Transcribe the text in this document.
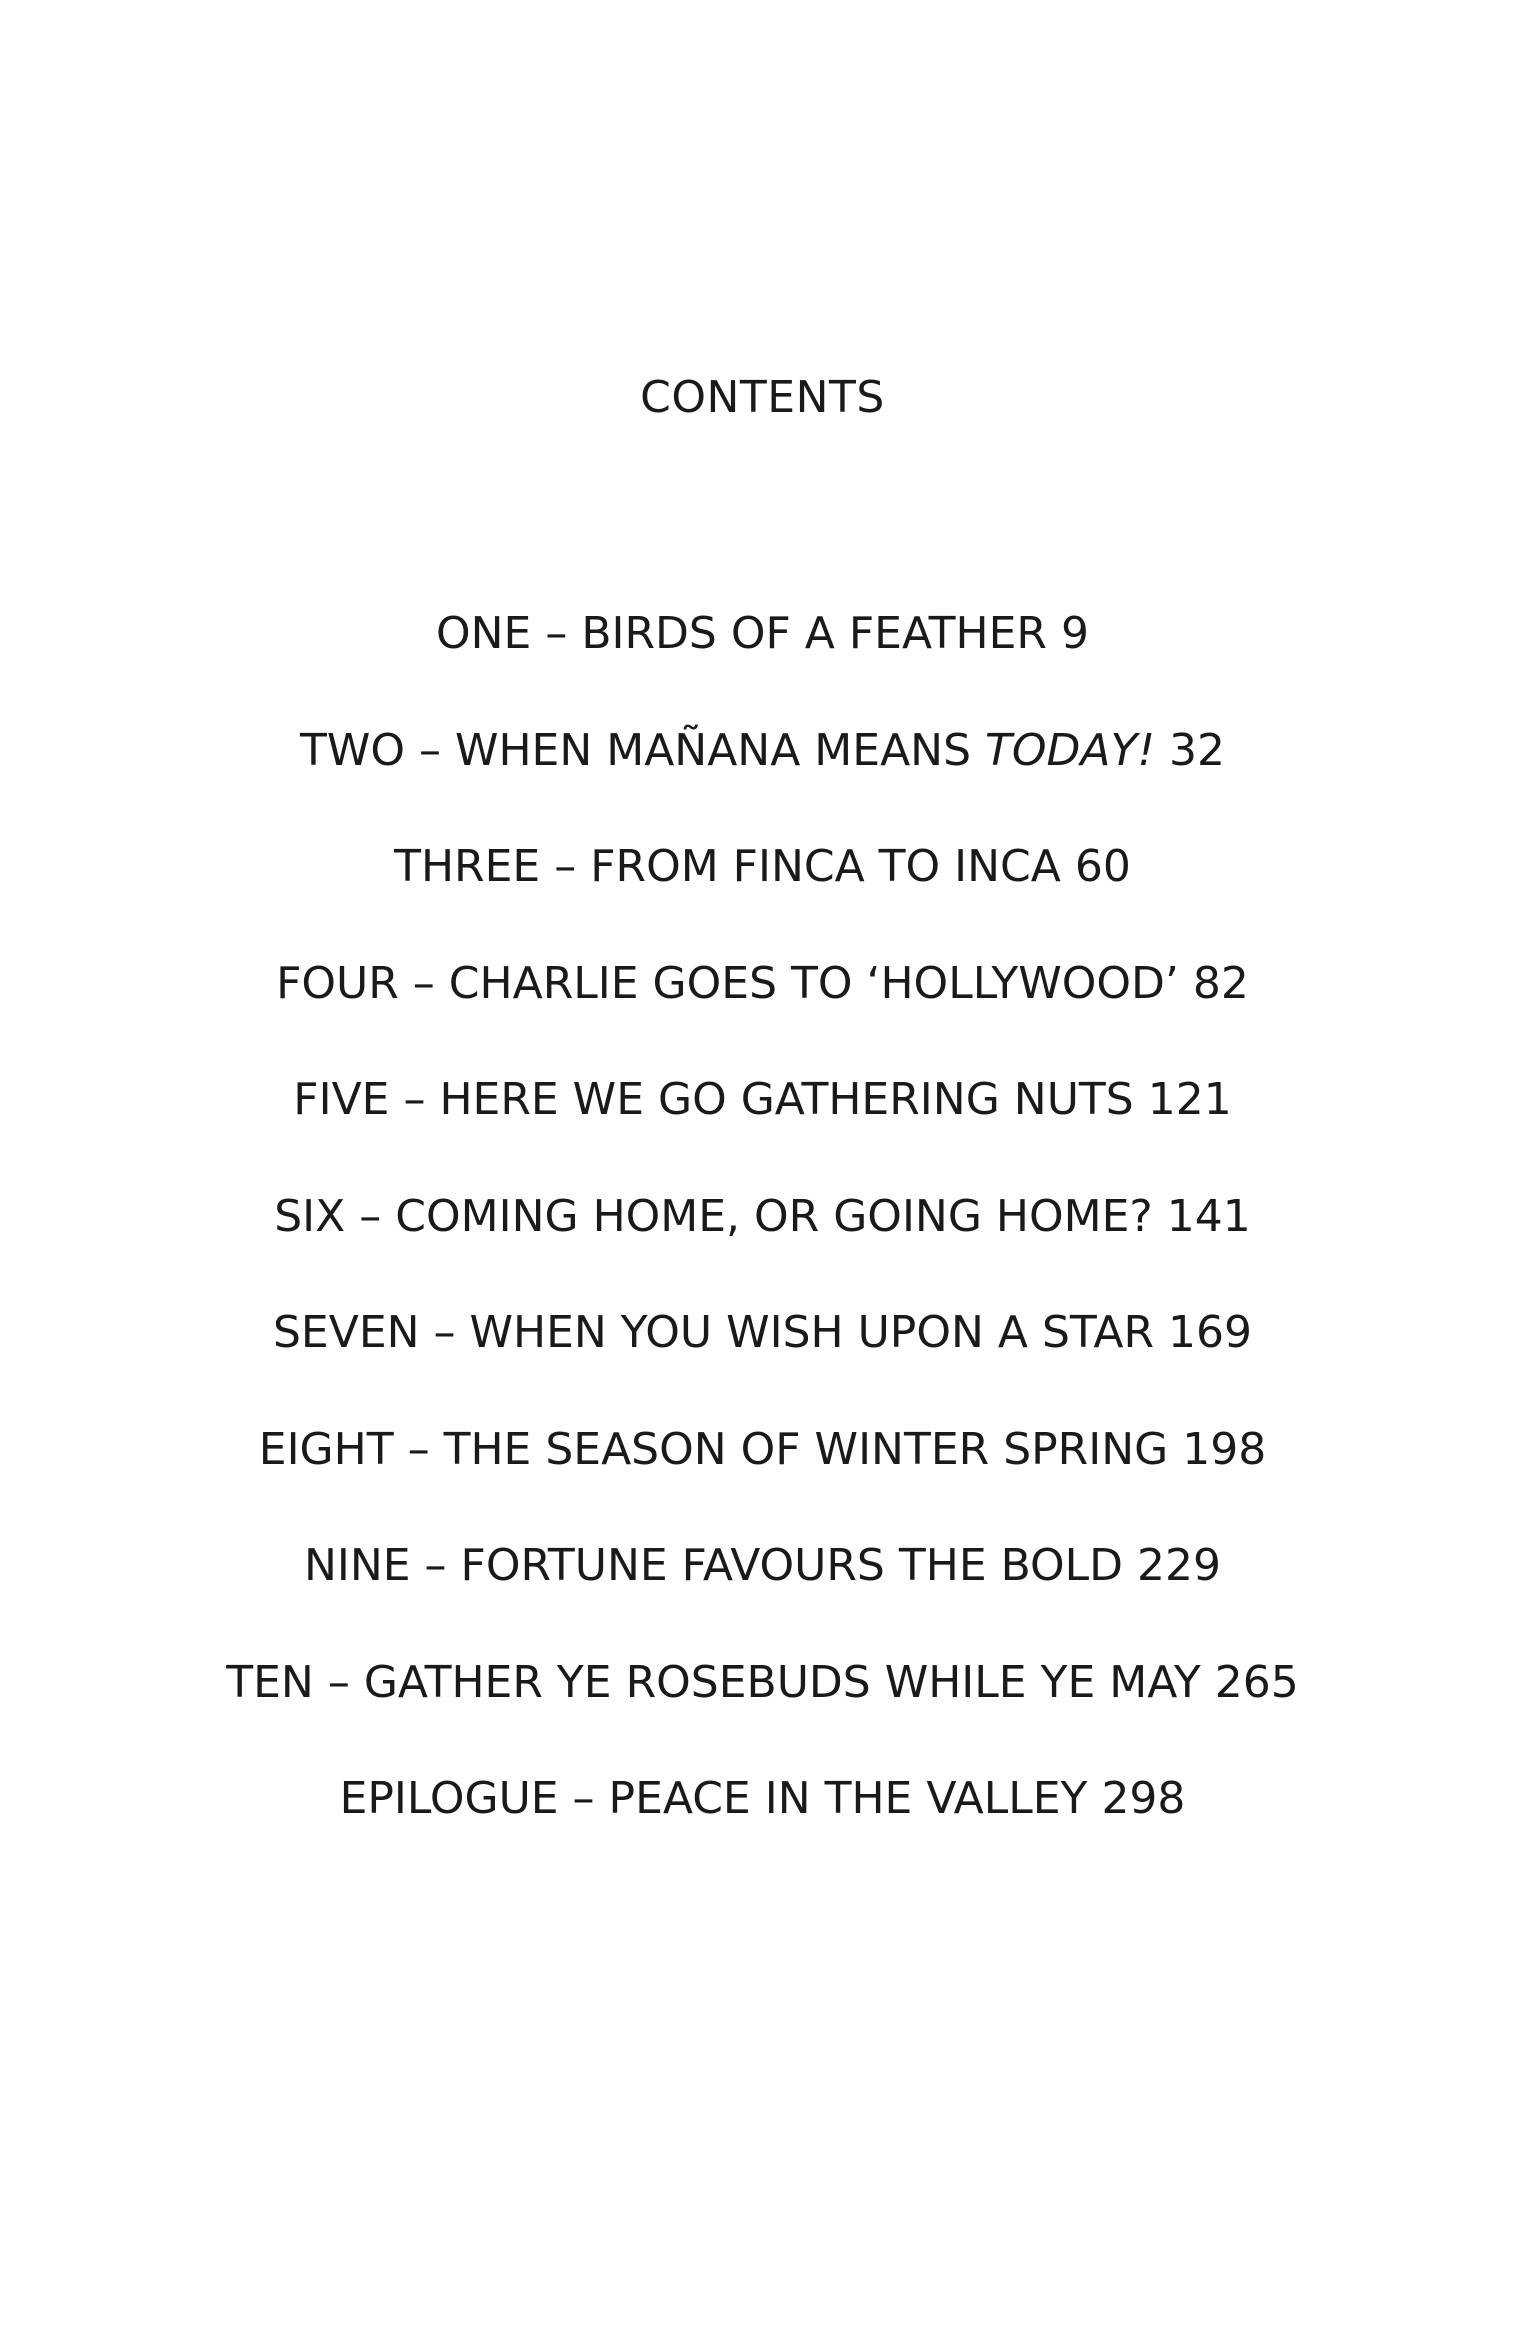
CONTENTS
ONE – BIRDS OF A FEATHER 9
TWO – WHEN MAÑANA MEANS TODAY! 32
THREE – FROM FINCA TO INCA 60
FOUR – CHARLIE GOES TO ‘HOLLYWOOD’ 82
FIVE – HERE WE GO GATHERING NUTS 121
SIX – COMING HOME, OR GOING HOME? 141
SEVEN – WHEN YOU WISH UPON A STAR 169
EIGHT – THE SEASON OF WINTER SPRING 198
NINE – FORTUNE FAVOURS THE BOLD 229
TEN – GATHER YE ROSEBUDS WHILE YE MAY 265
EPILOGUE – PEACE IN THE VALLEY 298
